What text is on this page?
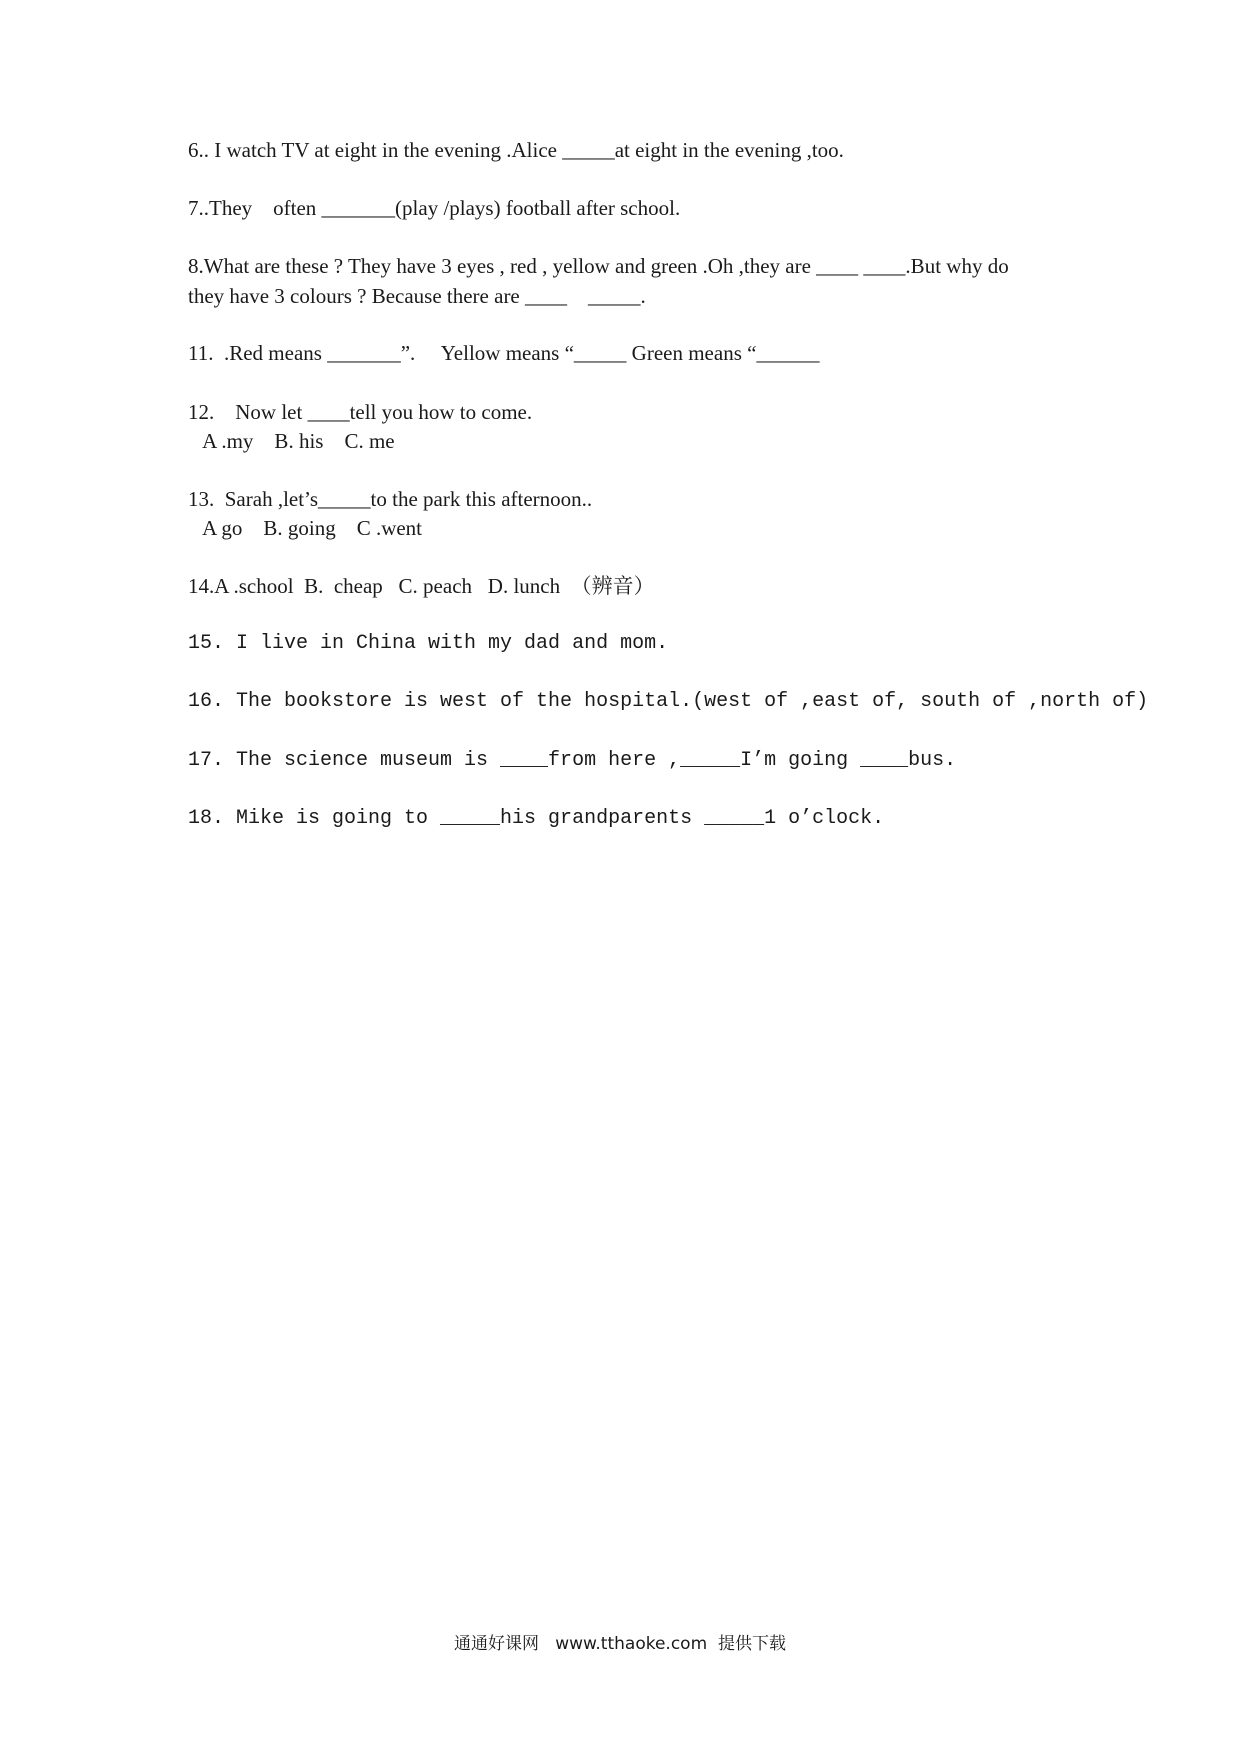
6.. I watch TV at eight in the evening .Alice _____at eight in the evening ,too.
7..They    often _______(play /plays) football after school.
8.What are these ? They have 3 eyes , red , yellow and green .Oh ,they are ____ ____.But why do
they have 3 colours ? Because there are ____    _____.
11.  .Red means _______”.     Yellow means “_____ Green means “______
12.    Now let ____tell you how to come.
A .my    B. his    C. me
13.  Sarah ,let’s_____to the park this afternoon..
A go    B. going    C .went
14.A .school  B.  cheap   C. peach   D. lunch  （辨音）
15. I live in China with my dad and mom.
16. The bookstore is west of the hospital.(west of ,east of, south of ,north of)
17. The science museum is ____from here ,_____I’m going ____bus.
18. Mike is going to _____his grandparents _____1 o’clock.
通通好课网   www.tthaoke.com  提供下载
